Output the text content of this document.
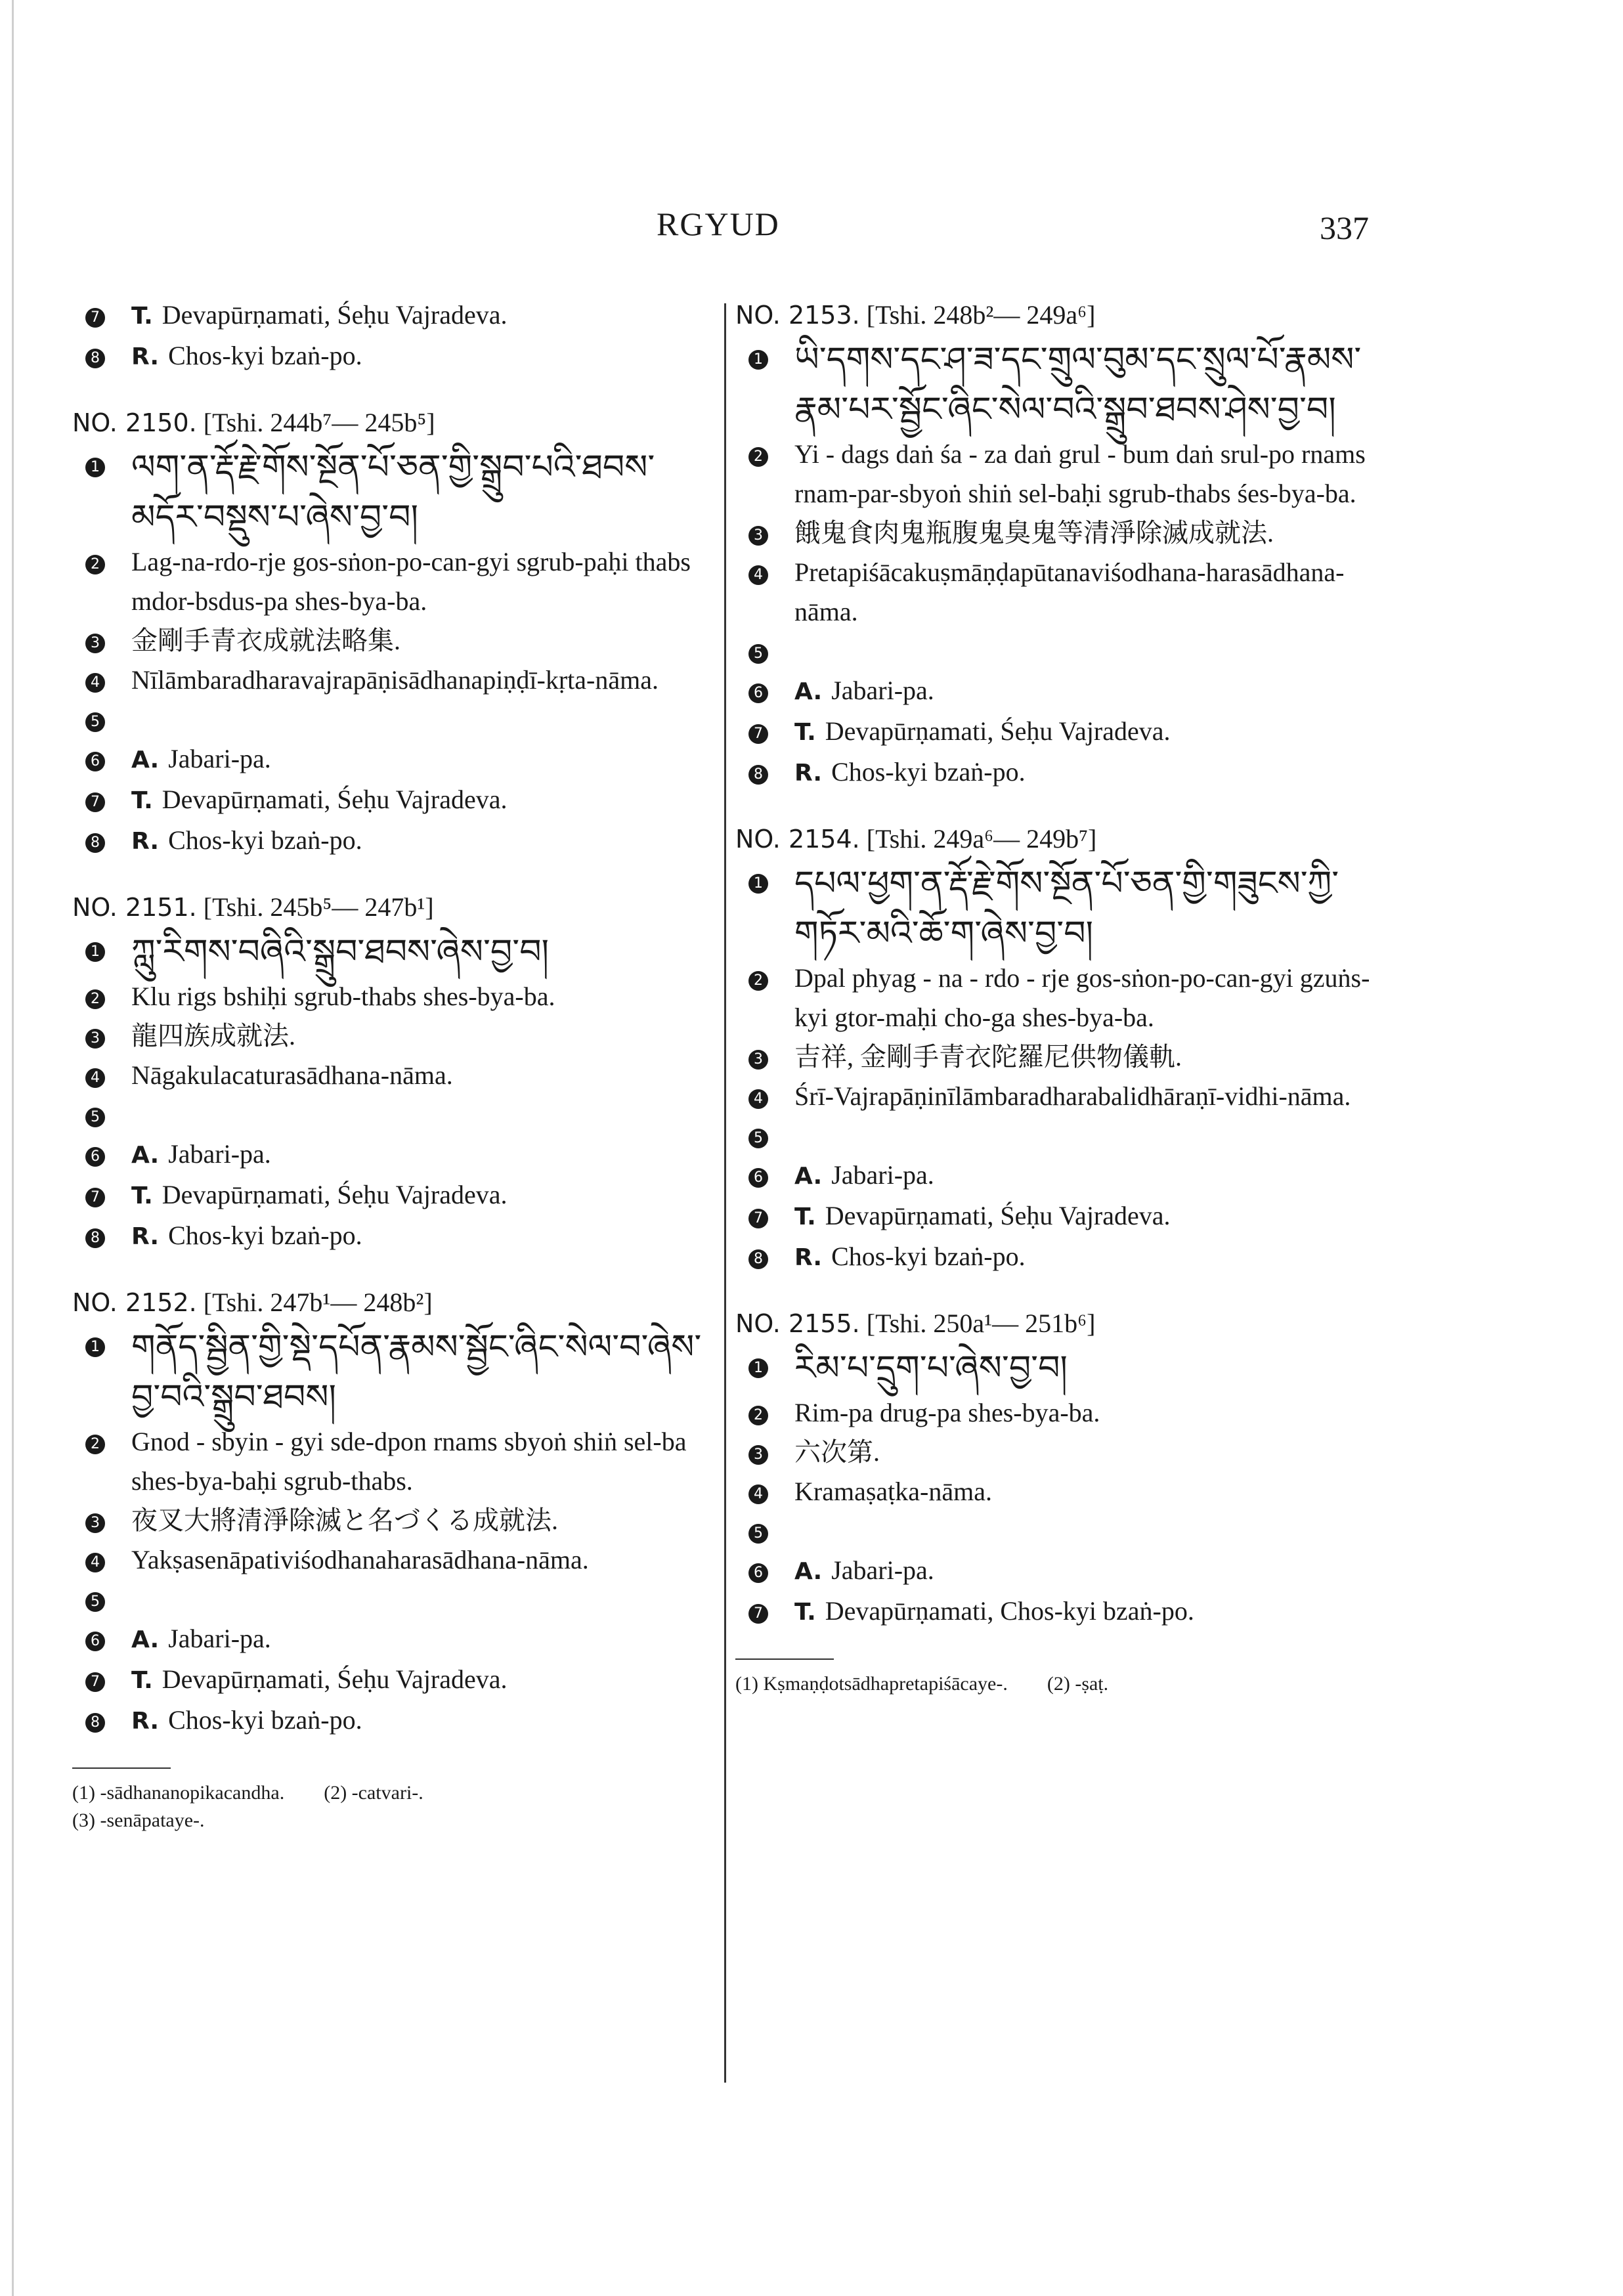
RGYUD	337
7	T. Devapūrṇamati, Śeḥu Vajradeva.
8	R. Chos-kyi bzaṅ-po.
NO. 2150. [Tshi. 244b⁷— 245b⁵]
1 ལག་ན་རྡོ་རྗེ་གོས་སྔོན་པོ་ཅན་གྱི་སྒྲུབ་པའི་ཐབས་མདོར་བསྡུས་པ་ཞེས་བྱ་བ།
2	Lag-na-rdo-rje gos-sṅon-po-can-gyi sgrub-paḥi thabs mdor-bsdus-pa shes-bya-ba.
3	金剛手青衣成就法略集.
4	Nīlāmbaradharavajrapāṇisādhanapiṇḍī-kṛta-nāma.
5
6	A. Jabari-pa.
7	T. Devapūrṇamati, Śeḥu Vajradeva.
8	R. Chos-kyi bzaṅ-po.
NO. 2151. [Tshi. 245b⁵— 247b¹]
1 ཀླུ་རིགས་བཞིའི་སྒྲུབ་ཐབས་ཞེས་བྱ་བ།
2	Klu rigs bshiḥi sgrub-thabs shes-bya-ba.
3	龍四族成就法.
4	Nāgakulacaturasādhana-nāma.
5
6	A. Jabari-pa.
7	T. Devapūrṇamati, Śeḥu Vajradeva.
8	R. Chos-kyi bzaṅ-po.
NO. 2152. [Tshi. 247b¹— 248b²]
1 གནོད་སྦྱིན་གྱི་སྡེ་དཔོན་རྣམས་སྦྱོང་ཞིང་སེལ་བ་ཞེས་བྱ་བའི་སྒྲུབ་ཐབས།
2	Gnod - sbyin - gyi sde-dpon rnams sbyoṅ shiṅ sel-ba shes-bya-baḥi sgrub-thabs.
3	夜叉大將清淨除滅と名づくる成就法.
4	Yakṣasenāpativiśodhanaharasādhana-nāma.
5
6	A. Jabari-pa.
7	T. Devapūrṇamati, Śeḥu Vajradeva.
8	R. Chos-kyi bzaṅ-po.
(1) -sādhananopikacandha. (2) -catvari-.
(3) -senāpataye-.
NO. 2153. [Tshi. 248b²— 249a⁶]
1 ཡི་དགས་དང་ཤ་ཟ་དང་གྲུལ་བུམ་དང་སྲུལ་པོ་རྣམས་རྣམ་པར་སྦྱོང་ཞིང་སེལ་བའི་སྒྲུབ་ཐབས་ཤེས་བྱ་བ།
2	Yi - dags daṅ śa - za daṅ grul - bum daṅ srul-po rnams rnam-par-sbyoṅ shiṅ sel-baḥi sgrub-thabs śes-bya-ba.
3	餓鬼食肉鬼瓶腹鬼臭鬼等清淨除滅成就法.
4	Pretapiśācakuṣmāṇḍapūtanaviśodhana-harasādhana-nāma.
5
6	A. Jabari-pa.
7	T. Devapūrṇamati, Śeḥu Vajradeva.
8	R. Chos-kyi bzaṅ-po.
NO. 2154. [Tshi. 249a⁶— 249b⁷]
1 དཔལ་ཕྱག་ན་རྡོ་རྗེ་གོས་སྔོན་པོ་ཅན་གྱི་གཟུངས་ཀྱི་གཏོར་མའི་ཆོ་ག་ཞེས་བྱ་བ།
2	Dpal phyag - na - rdo - rje gos-sṅon-po-can-gyi gzuṅs-kyi gtor-maḥi cho-ga shes-bya-ba.
3	吉祥, 金剛手青衣陀羅尼供物儀軌.
4	Śrī-Vajrapāṇinīlāmbaradharabalidhāraṇī-vidhi-nāma.
5
6	A. Jabari-pa.
7	T. Devapūrṇamati, Śeḥu Vajradeva.
8	R. Chos-kyi bzaṅ-po.
NO. 2155. [Tshi. 250a¹— 251b⁶]
1 རིམ་པ་དྲུག་པ་ཞེས་བྱ་བ།
2	Rim-pa drug-pa shes-bya-ba.
3	六次第.
4	Kramaṣaṭka-nāma.
5
6	A. Jabari-pa.
7	T. Devapūrṇamati, Chos-kyi bzaṅ-po.
(1) Kṣmaṇḍotsādhapretapiśācaye-. (2) -ṣaṭ.
